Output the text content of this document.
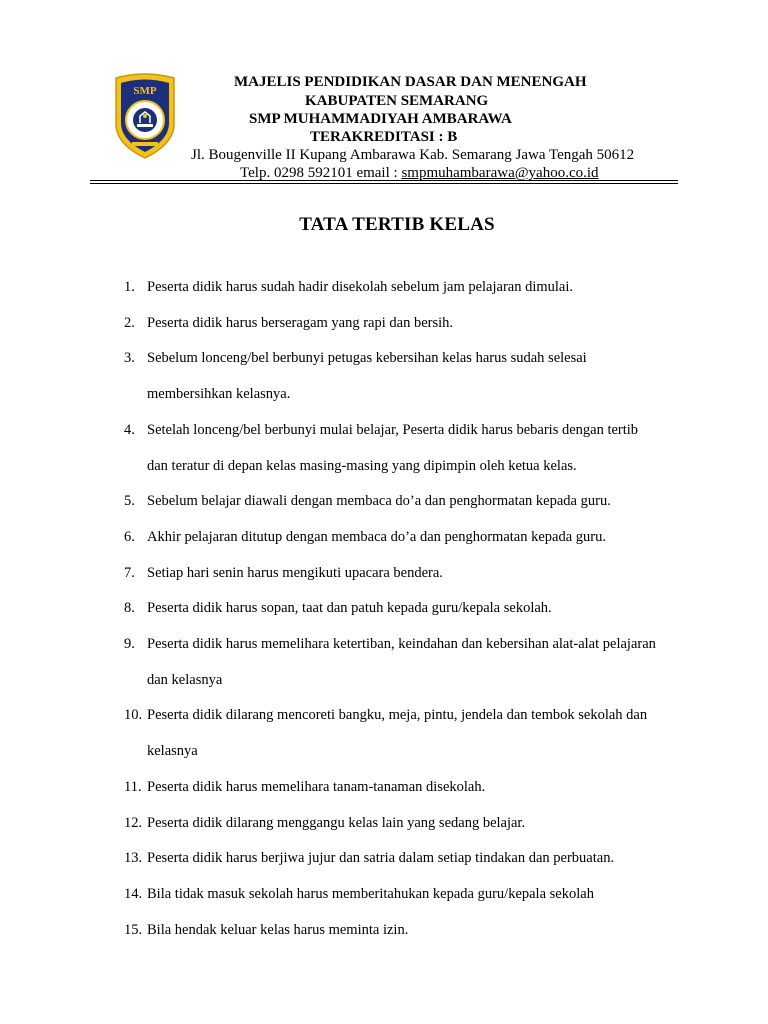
SMP
MAJELIS PENDIDIKAN DASAR DAN MENENGAH
KABUPATEN SEMARANG
SMP MUHAMMADIYAH AMBARAWA
TERAKREDITASI : B
Jl. Bougenville II Kupang Ambarawa Kab. Semarang Jawa Tengah 50612
Telp. 0298 592101 email : smpmuhambarawa@yahoo.co.id
TATA TERTIB KELAS
1. Peserta didik harus sudah hadir disekolah sebelum jam pelajaran dimulai.
2. Peserta didik harus berseragam yang rapi dan bersih.
3. Sebelum lonceng/bel berbunyi petugas kebersihan kelas harus sudah selesai
membersihkan kelasnya.
4. Setelah lonceng/bel berbunyi mulai belajar, Peserta didik harus bebaris dengan tertib
dan teratur di depan kelas masing-masing yang dipimpin oleh ketua kelas.
5. Sebelum belajar diawali dengan membaca do’a dan penghormatan kepada guru.
6. Akhir pelajaran ditutup dengan membaca do’a dan penghormatan kepada guru.
7. Setiap hari senin harus mengikuti upacara bendera.
8. Peserta didik harus sopan, taat dan patuh kepada guru/kepala sekolah.
9. Peserta didik harus memelihara ketertiban, keindahan dan kebersihan alat-alat pelajaran
dan kelasnya
10. Peserta didik dilarang mencoreti bangku, meja, pintu, jendela dan tembok sekolah dan
kelasnya
11. Peserta didik harus memelihara tanam-tanaman disekolah.
12. Peserta didik dilarang menggangu kelas lain yang sedang belajar.
13. Peserta didik harus berjiwa jujur dan satria dalam setiap tindakan dan perbuatan.
14. Bila tidak masuk sekolah harus memberitahukan kepada guru/kepala sekolah
15. Bila hendak keluar kelas harus meminta izin.
